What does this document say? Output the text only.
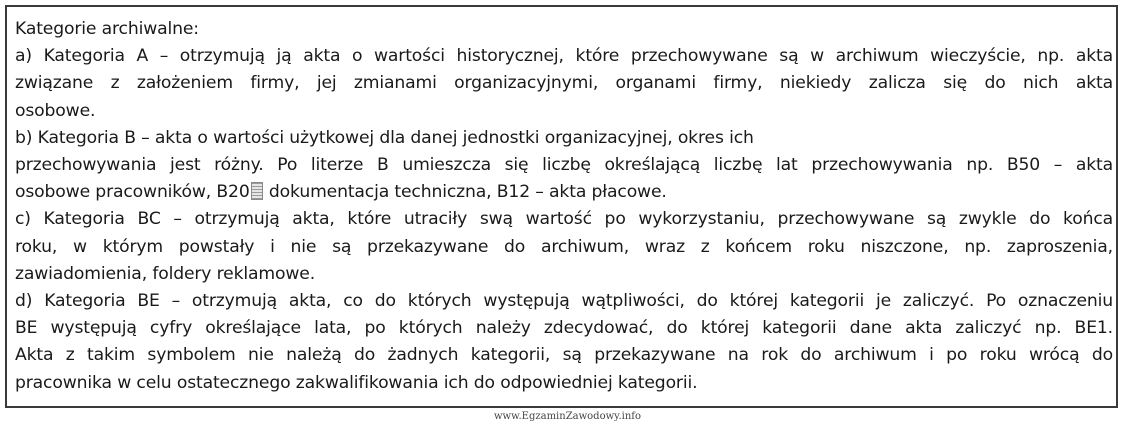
Kategorie archiwalne:
a) Kategoria A – otrzymują ją akta o wartości historycznej, które przechowywane są w archiwum wieczyście, np. akta
związane z założeniem firmy, jej zmianami organizacyjnymi, organami firmy, niekiedy zalicza się do nich akta
osobowe.
b) Kategoria B – akta o wartości użytkowej dla danej jednostki organizacyjnej, okres ich
przechowywania jest różny. Po literze B umieszcza się liczbę określającą liczbę lat przechowywania np. B50 – akta
osobowe pracowników, B20 dokumentacja techniczna, B12 – akta płacowe.
c) Kategoria BC – otrzymują akta, które utraciły swą wartość po wykorzystaniu, przechowywane są zwykle do końca
roku, w którym powstały i nie są przekazywane do archiwum, wraz z końcem roku niszczone, np. zaproszenia,
zawiadomienia, foldery reklamowe.
d) Kategoria BE – otrzymują akta, co do których występują wątpliwości, do której kategorii je zaliczyć. Po oznaczeniu
BE występują cyfry określające lata, po których należy zdecydować, do której kategorii dane akta zaliczyć np. BE1.
Akta z takim symbolem nie należą do żadnych kategorii, są przekazywane na rok do archiwum i po roku wrócą do
pracownika w celu ostatecznego zakwalifikowania ich do odpowiedniej kategorii.
www.EgzaminZawodowy.info
